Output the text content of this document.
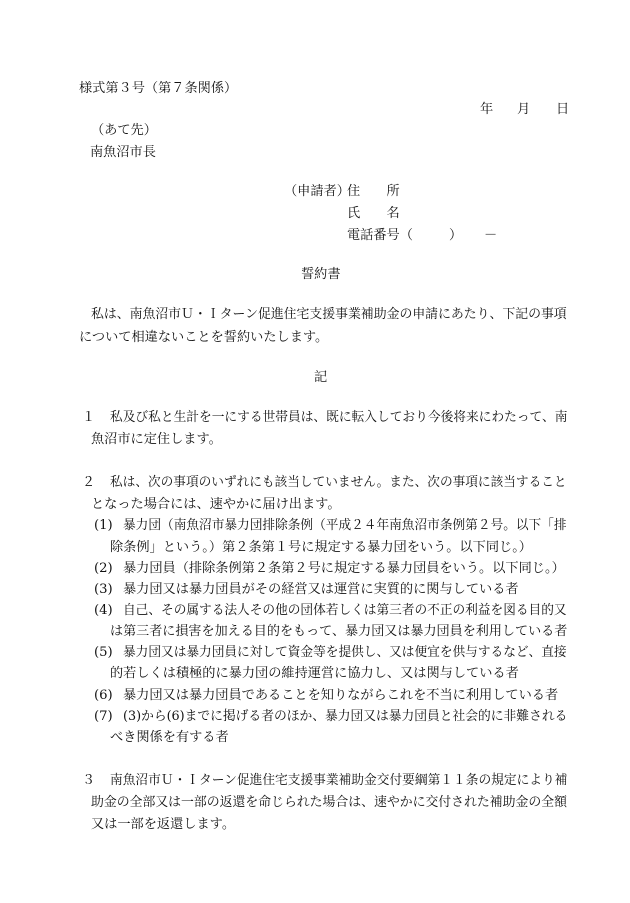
様式第３号（第７条関係）
年 月 日
（あて先）
南魚沼市長
（申請者）
住　　所
氏　　名
電話番号（	） －
誓約書
私は、南魚沼市Ｕ・Ｉターン促進住宅支援事業補助金の申請にあたり、下記の事項
について相違ないことを誓約いたします。
記
１ 私及び私と生計を一にする世帯員は、既に転入しており今後将来にわたって、南
魚沼市に定住します。
２ 私は、次の事項のいずれにも該当していません。また、次の事項に該当すること
となった場合には、速やかに届け出ます。
(1) 暴力団（南魚沼市暴力団排除条例（平成２４年南魚沼市条例第２号。以下「排
除条例」という。）第２条第１号に規定する暴力団をいう。以下同じ。）
(2) 暴力団員（排除条例第２条第２号に規定する暴力団員をいう。以下同じ。）
(3) 暴力団又は暴力団員がその経営又は運営に実質的に関与している者
(4) 自己、その属する法人その他の団体若しくは第三者の不正の利益を図る目的又
は第三者に損害を加える目的をもって、暴力団又は暴力団員を利用している者
(5) 暴力団又は暴力団員に対して資金等を提供し、又は便宜を供与するなど、直接
的若しくは積極的に暴力団の維持運営に協力し、又は関与している者
(6) 暴力団又は暴力団員であることを知りながらこれを不当に利用している者
(7) (3)から(6)までに掲げる者のほか、暴力団又は暴力団員と社会的に非難される
べき関係を有する者
３ 南魚沼市Ｕ・Ｉターン促進住宅支援事業補助金交付要綱第１１条の規定により補
助金の全部又は一部の返還を命じられた場合は、速やかに交付された補助金の全額
又は一部を返還します。
